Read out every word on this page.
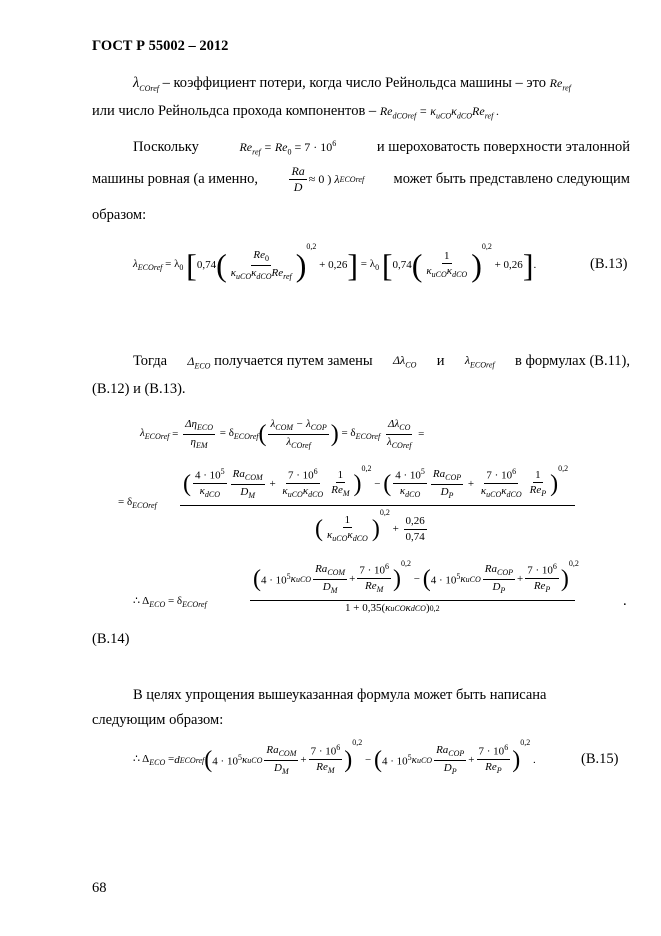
ГОСТ Р 55002 – 2012
$\lambda_{COref}$ – коэффициент потери, когда число Рейнольдса машины – это $Re_{ref}$
или число Рейнольдса прохода компонентов – $Re_{dCOref} = \kappa_{uCO}\kappa_{dCO}Re_{ref}$ .
Поскольку	$Re_{ref} = Re_0 = 7 \cdot 10^6$	и шероховатость поверхности эталонной
машины ровная (а именно,	$\frac{Ra}{D} \approx 0$ ) λ ECOref может быть представлено следующим
образом:
$\lambda_{ECOref} = \lambda_0$ [ 0,74 ( $\frac{Re_0}{\kappa_{uCO}\kappa_{dCO}Re_{ref}}$ )
$^{0,2}$
+ 0,26 ] = $\lambda_0$ [ 0,74 ( $\frac{1}{\kappa_{uCO}\kappa_{dCO}}$ )
$^{0,2}$
+ 0,26 ] .	(В.13)
Тогда $\Delta_{ECO}$ получается путем замены $\Delta\lambda_{CO}$ и $\lambda_{ECOref}$ в формулах (В.11),
(В.12) и (В.13).
$\lambda_{ECOref} = \frac{\Delta\eta_{ECO}}{\eta_{EM}} = \delta_{ECOref}$ ( $\frac{\lambda_{COM} - \lambda_{COP}}{\lambda_{COref}}$ ) = $\delta_{ECOref} \frac{\Delta\lambda_{CO}}{\lambda_{COref}}$ =
= $\delta_{ECOref}$
( $\frac{4 \cdot 10^5}{\kappa_{dCO}} \frac{Ra_{COM}}{D_M} + \frac{7 \cdot 10^6}{\kappa_{uCO}\kappa_{dCO}} \frac{1}{Re_M}$ )
$^{0,2}$
− ( $\frac{4 \cdot 10^5}{\kappa_{dCO}} \frac{Ra_{COP}}{D_P} + \frac{7 \cdot 10^6}{\kappa_{uCO}\kappa_{dCO}} \frac{1}{Re_P}$ )
$^{0,2}$
( $\frac{1}{\kappa_{uCO}\kappa_{dCO}}$ )
0,2
+ $\frac{0,26}{0,74}$
∴ $\Delta_{ECO} = \delta_{ECOref}$
( $4 \cdot 10^5$ κ uCO $\frac{Ra_{COM}}{D_M} + \frac{7 \cdot 10^6}{Re_M}$ )
$^{0,2}$
− ( $4 \cdot 10^5$ κ uCO $\frac{Ra_{COP}}{D_P} + \frac{7 \cdot 10^6}{Re_P}$ )
$^{0,2}$
1 + 0,35 ( κ uCO κ dCO ) 0,2	.
(В.14)
В целях упрощения вышеуказанная формула может быть написана
следующим образом:
∴ $\Delta_{ECO} = d$ ECOref ( $4 \cdot 10^5$ κ uCO $\frac{Ra_{COM}}{D_M} + \frac{7 \cdot 10^6}{Re_M}$ )
0,2
− ( $4 \cdot 10^5$ κ uCO $\frac{Ra_{COP}}{D_P} + \frac{7 \cdot 10^6}{Re_P}$ )
0,2
.	(В.15)
68
